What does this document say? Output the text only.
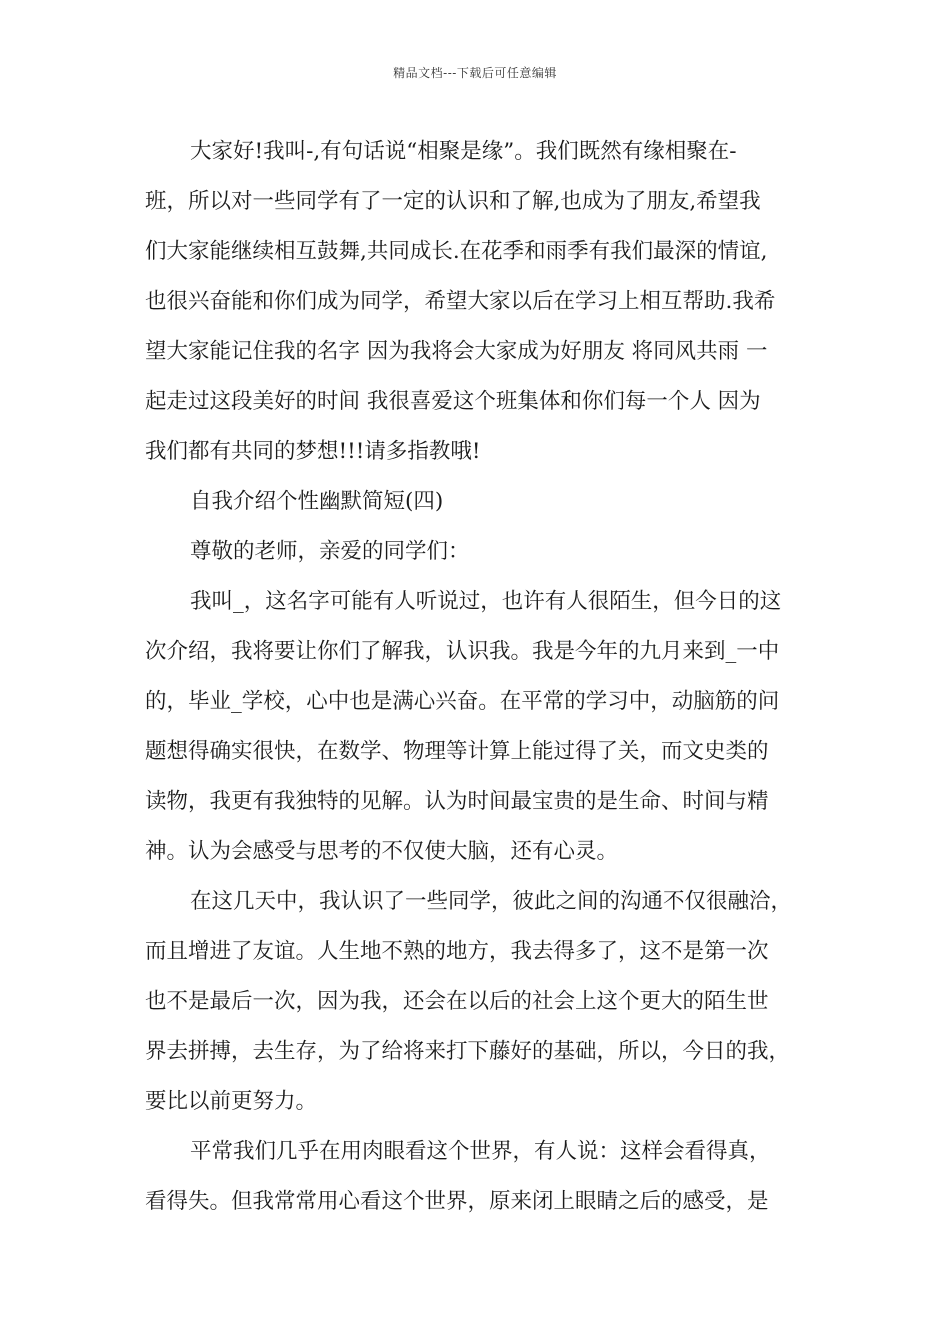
精品文档---下载后可任意编辑
大家好!我叫-,有句话说“相聚是缘”。我们既然有缘相聚在-
班，所以对一些同学有了一定的认识和了解,也成为了朋友,希望我
们大家能继续相互鼓舞,共同成长.在花季和雨季有我们最深的情谊,
也很兴奋能和你们成为同学，希望大家以后在学习上相互帮助.我希
望大家能记住我的名字 因为我将会大家成为好朋友 将同风共雨 一
起走过这段美好的时间 我很喜爱这个班集体和你们每一个人 因为
我们都有共同的梦想!!!请多指教哦!
自我介绍个性幽默简短(四)
尊敬的老师，亲爱的同学们：
我叫_，这名字可能有人听说过，也许有人很陌生，但今日的这
次介绍，我将要让你们了解我，认识我。我是今年的九月来到_一中
的，毕业_学校，心中也是满心兴奋。在平常的学习中，动脑筋的问
题想得确实很快，在数学、物理等计算上能过得了关，而文史类的
读物，我更有我独特的见解。认为时间最宝贵的是生命、时间与精
神。认为会感受与思考的不仅使大脑，还有心灵。
在这几天中，我认识了一些同学，彼此之间的沟通不仅很融洽，
而且增进了友谊。人生地不熟的地方，我去得多了，这不是第一次
也不是最后一次，因为我，还会在以后的社会上这个更大的陌生世
界去拼搏，去生存，为了给将来打下藤好的基础，所以，今日的我，
要比以前更努力。
平常我们几乎在用肉眼看这个世界，有人说：这样会看得真，
看得失。但我常常用心看这个世界，原来闭上眼睛之后的感受，是
